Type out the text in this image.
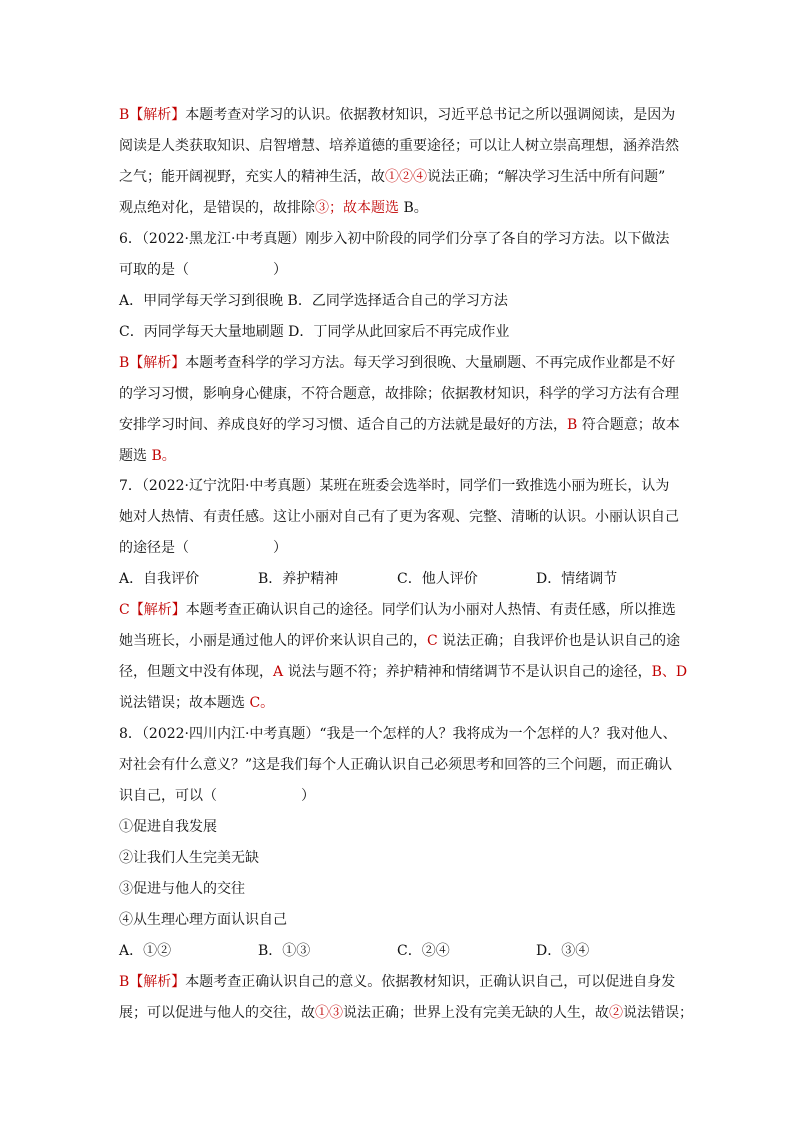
B【解析】本题考查对学习的认识。依据教材知识，习近平总书记之所以强调阅读，是因为
阅读是人类获取知识、启智增慧、培养道德的重要途径；可以让人树立崇高理想，涵养浩然
之气；能开阔视野，充实人的精神生活，故①②④说法正确；“解决学习生活中所有问题”
观点绝对化，是错误的，故排除③；故本题选 B。
6．（2022·黑龙江·中考真题）刚步入初中阶段的同学们分享了各自的学习方法。以下做法
可取的是（　　　　　　）
A．甲同学每天学习到很晚 B．乙同学选择适合自己的学习方法
C．丙同学每天大量地刷题 D．丁同学从此回家后不再完成作业
B【解析】本题考查科学的学习方法。每天学习到很晚、大量刷题、不再完成作业都是不好
的学习习惯，影响身心健康，不符合题意，故排除；依据教材知识，科学的学习方法有合理
安排学习时间、养成良好的学习习惯、适合自己的方法就是最好的方法，B 符合题意；故本
题选 B。
7．（2022·辽宁沈阳·中考真题）某班在班委会选举时，同学们一致推选小丽为班长，认为
她对人热情、有责任感。这让小丽对自己有了更为客观、完整、清晰的认识。小丽认识自己
的途径是（　　　　　　）
A．自我评价	B．养护精神	C．他人评价	D．情绪调节
C【解析】本题考查正确认识自己的途径。同学们认为小丽对人热情、有责任感，所以推选
她当班长，小丽是通过他人的评价来认识自己的，C 说法正确；自我评价也是认识自己的途
径，但题文中没有体现，A 说法与题不符；养护精神和情绪调节不是认识自己的途径，B、D
说法错误；故本题选 C。
8．（2022·四川内江·中考真题）“我是一个怎样的人？我将成为一个怎样的人？我对他人、
对社会有什么意义？”这是我们每个人正确认识自己必须思考和回答的三个问题，而正确认
识自己，可以（　　　　　　）
①促进自我发展
②让我们人生完美无缺
③促进与他人的交往
④从生理心理方面认识自己
A．①②	B．①③	C．②④	D．③④
B【解析】本题考查正确认识自己的意义。依据教材知识，正确认识自己，可以促进自身发
展；可以促进与他人的交往，故①③说法正确；世界上没有完美无缺的人生，故②说法错误；
